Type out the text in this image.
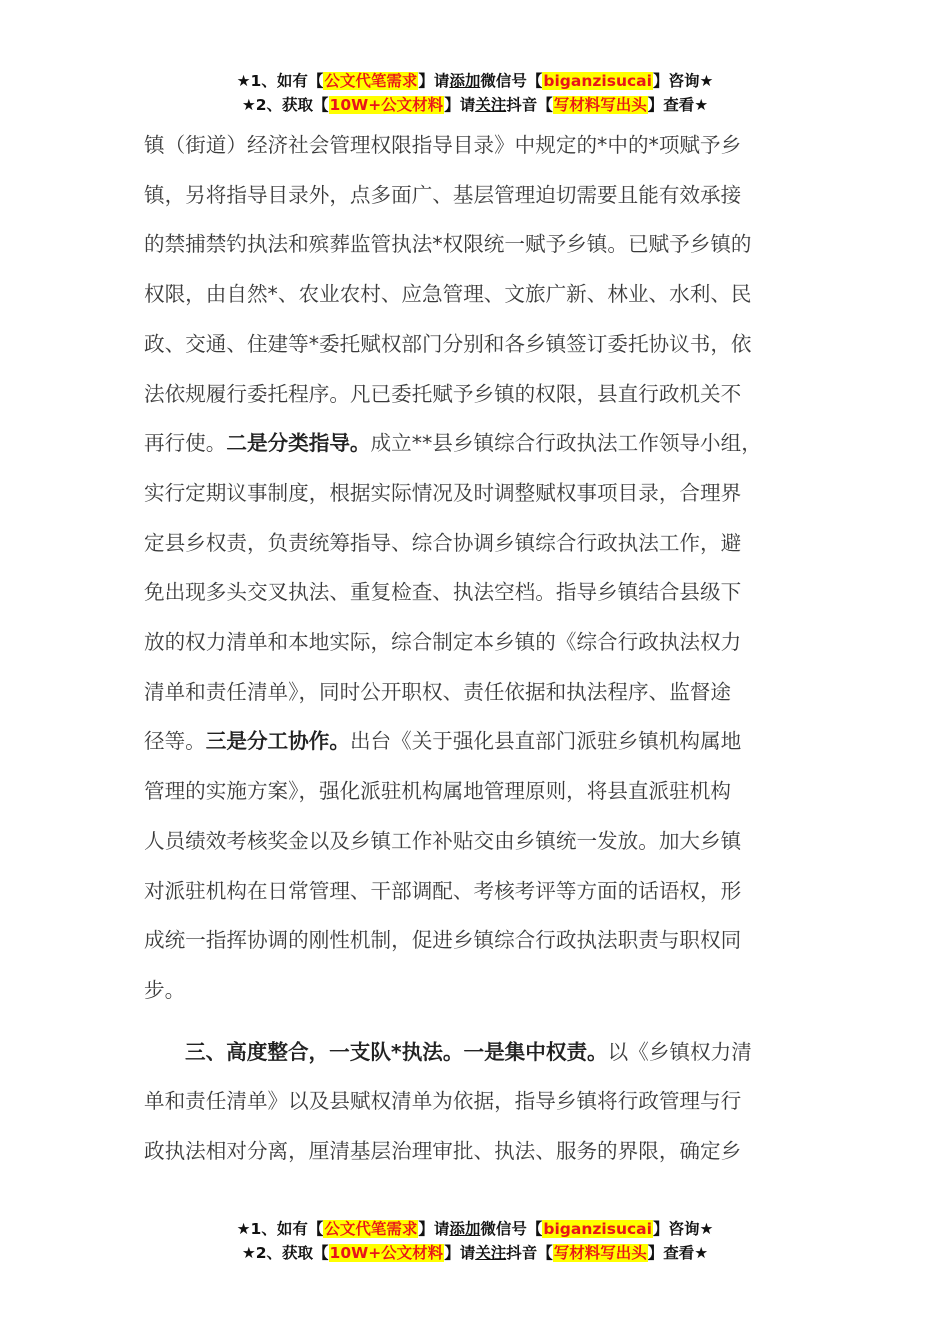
★1、如有【公文代笔需求】请添加微信号【biganzisucai】咨询★
★2、获取【10W+公文材料】请关注抖音【写材料写出头】查看★

镇（街道）经济社会管理权限指导目录》中规定的*中的*项赋予乡
镇，另将指导目录外，点多面广、基层管理迫切需要且能有效承接
的禁捕禁钓执法和殡葬监管执法*权限统一赋予乡镇。已赋予乡镇的
权限，由自然*、农业农村、应急管理、文旅广新、林业、水利、民
政、交通、住建等*委托赋权部门分别和各乡镇签订委托协议书，依
法依规履行委托程序。凡已委托赋予乡镇的权限，县直行政机关不
再行使。二是分类指导。成立**县乡镇综合行政执法工作领导小组，
实行定期议事制度，根据实际情况及时调整赋权事项目录，合理界
定县乡权责，负责统筹指导、综合协调乡镇综合行政执法工作，避
免出现多头交叉执法、重复检查、执法空档。指导乡镇结合县级下
放的权力清单和本地实际，综合制定本乡镇的《综合行政执法权力
清单和责任清单》，同时公开职权、责任依据和执法程序、监督途
径等。三是分工协作。出台《关于强化县直部门派驻乡镇机构属地
管理的实施方案》，强化派驻机构属地管理原则，将县直派驻机构
人员绩效考核奖金以及乡镇工作补贴交由乡镇统一发放。加大乡镇
对派驻机构在日常管理、干部调配、考核考评等方面的话语权，形
成统一指挥协调的刚性机制，促进乡镇综合行政执法职责与职权同
步。

三、高度整合，一支队*执法。一是集中权责。以《乡镇权力清
单和责任清单》以及县赋权清单为依据，指导乡镇将行政管理与行
政执法相对分离，厘清基层治理审批、执法、服务的界限，确定乡

★1、如有【公文代笔需求】请添加微信号【biganzisucai】咨询★
★2、获取【10W+公文材料】请关注抖音【写材料写出头】查看★
